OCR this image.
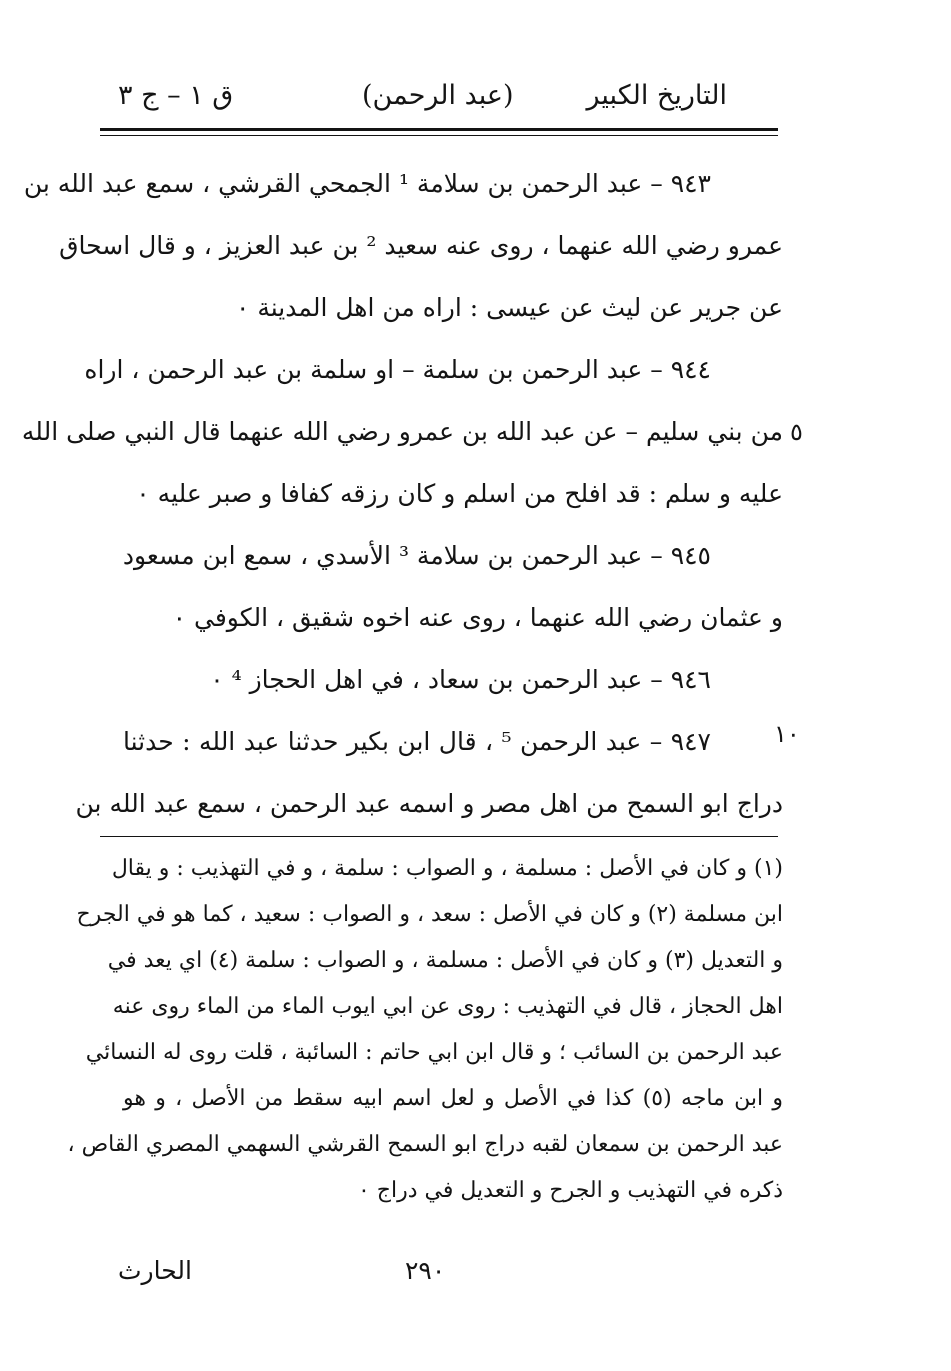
التاريخ الكبير
(عبد الرحمن)
ق ١ – ج ٣
٩٤٣ – عبد الرحمن بن سلامة ¹ الجمحي القرشي ، سمع عبد الله بن
عمرو رضي الله عنهما ، روى عنه سعيد ² بن عبد العزيز ، و قال اسحاق
عن جرير عن ليث عن عيسى : اراه من اهل المدينة ٠
٩٤٤ – عبد الرحمن بن سلمة – او سلمة بن عبد الرحمن ، اراه
من بني سليم – عن عبد الله بن عمرو رضي الله عنهما قال النبي صلى الله
عليه و سلم : قد افلح من اسلم و كان رزقه كفافا و صبر عليه ٠
٩٤٥ – عبد الرحمن بن سلامة ³ الأسدي ، سمع ابن مسعود
و عثمان رضي الله عنهما ، روى عنه اخوه شقيق ، الكوفي ٠
٩٤٦ – عبد الرحمن بن سعاد ، في اهل الحجاز ⁴ ٠
٩٤٧ – عبد الرحمن ⁵ ، قال ابن بكير حدثنا عبد الله : حدثنا
دراج ابو السمح من اهل مصر و اسمه عبد الرحمن ، سمع عبد الله بن
٥
١٠
(١) و كان في الأصل : مسلمة ، و الصواب : سلمة ، و في التهذيب : و يقال
ابن مسلمة (٢) و كان في الأصل : سعد ، و الصواب : سعيد ، كما هو في الجرح
و التعديل (٣) و كان في الأصل : مسلمة ، و الصواب : سلمة (٤) اي يعد في
اهل الحجاز ، قال في التهذيب : روى عن ابي ايوب الماء من الماء روى عنه
عبد الرحمن بن السائب ؛ و قال ابن ابي حاتم : السائبة ، قلت روى له النسائي
و ابن ماجه (٥) كذا في الأصل و لعل اسم ابيه سقط من الأصل ، و هو
عبد الرحمن بن سمعان لقبه دراج ابو السمح القرشي السهمي المصري القاص ،
ذكره في التهذيب و الجرح و التعديل في دراج ٠
٢٩٠
الحارث
